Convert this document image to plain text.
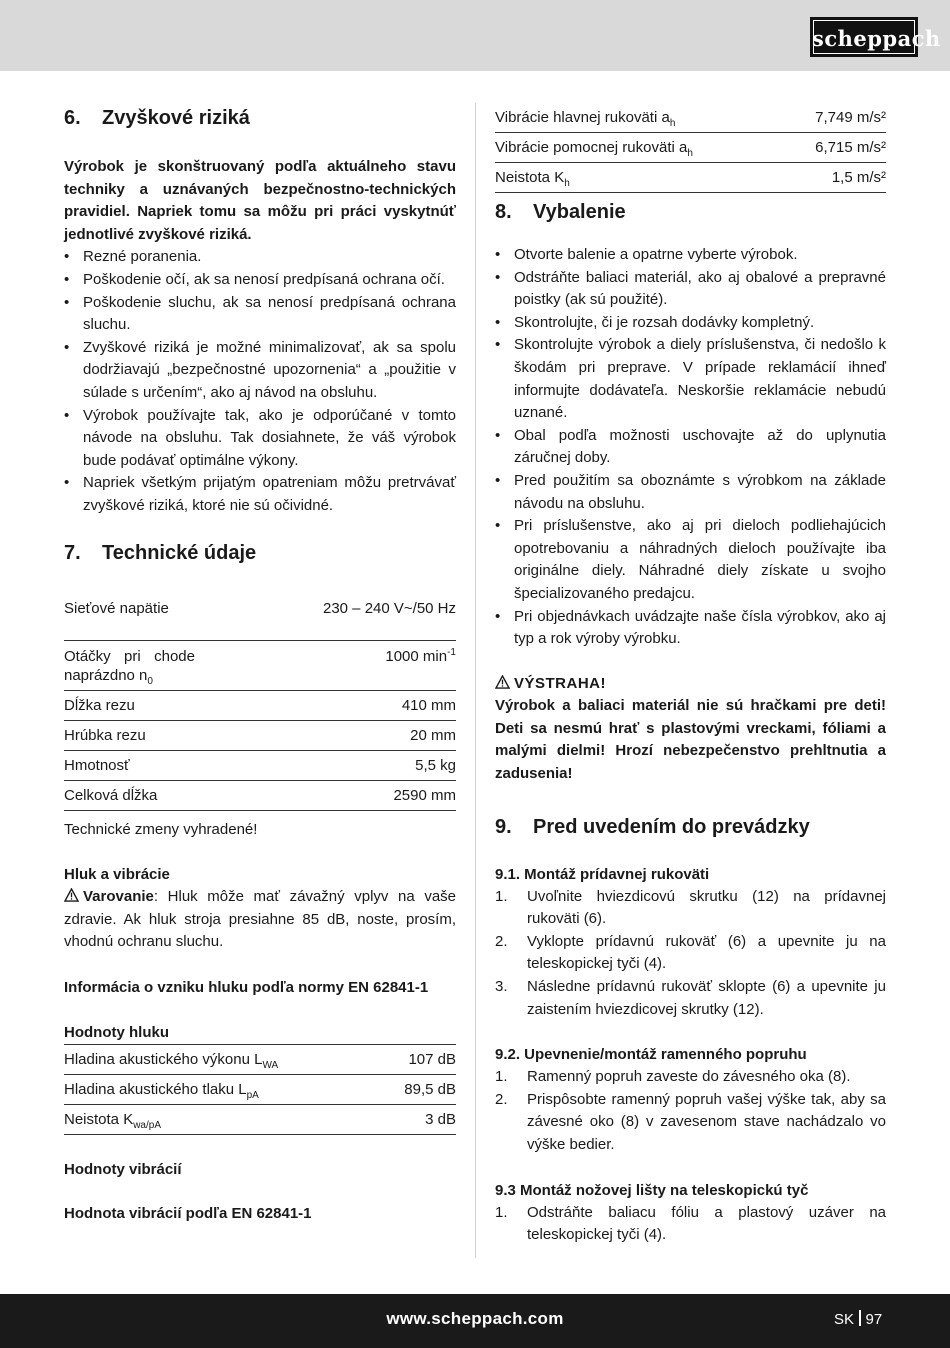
scheppach
6.	Zvyškové riziká

Výrobok je skonštruovaný podľa aktuálneho stavu techniky a uznávaných bezpečnostno-technických pravidiel. Napriek tomu sa môžu pri práci vyskytnúť jednotlivé zvyškové riziká.

• Rezné poranenia.
• Poškodenie očí, ak sa nenosí predpísaná ochrana očí.
• Poškodenie sluchu, ak sa nenosí predpísaná ochrana sluchu.
• Zvyškové riziká je možné minimalizovať, ak sa spolu dodržiavajú „bezpečnostné upozornenia“ a „použitie v súlade s určením“, ako aj návod na obsluhu.
• Výrobok používajte tak, ako je odporúčané v tomto návode na obsluhu. Tak dosiahnete, že váš výrobok bude podávať optimálne výkony.
• Napriek všetkým prijatým opatreniam môžu pretrvávať zvyškové riziká, ktoré nie sú očividné.
7.	Technické údaje
Sieťové napätie	230 – 240 V~/50 Hz
Otáčky pri chode naprázdno $n_0$	1000 $\min^{-1}$
Dĺžka rezu	410 mm
Hrúbka rezu	20 mm
Hmotnosť	5,5 kg
Celková dĺžka	2590 mm

Technické zmeny vyhradené!

Hluk a vibrácie

Varovanie: Hluk môže mať závažný vplyv na vaše zdravie. Ak hluk stroja presiahne 85 dB, noste, prosím, vhodnú ochranu sluchu.

Informácia o vzniku hluku podľa normy EN 62841-1
Hodnoty hluku
Hladina akustického výkonu $L_{WA}$	107 dB
Hladina akustického tlaku $L_{pA}$	89,5 dB
Neistota $K_{wa/pA}$	3 dB
Hodnoty vibrácií
Hodnota vibrácií podľa EN 62841-1
Vibrácie hlavnej rukoväti $a_h$	7,749 m/s²
Vibrácie pomocnej rukoväti $a_h$	6,715 m/s²
Neistota $K_h$	1,5 m/s²
8.	Vybalenie
• Otvorte balenie a opatrne vyberte výrobok.
• Odstráňte baliaci materiál, ako aj obalové a prepravné poistky (ak sú použité).
• Skontrolujte, či je rozsah dodávky kompletný.
• Skontrolujte výrobok a diely príslušenstva, či nedošlo k škodám pri preprave. V prípade reklamácií ihneď informujte dodávateľa. Neskoršie reklamácie nebudú uznané.
• Obal podľa možnosti uschovajte až do uplynutia záručnej doby.
• Pred použitím sa oboznámte s výrobkom na základe návodu na obsluhu.
• Pri príslušenstve, ako aj pri dieloch podliehajúcich opotrebovaniu a náhradných dieloch používajte iba originálne diely. Náhradné diely získate u svojho špecializovaného predajcu.
• Pri objednávkach uvádzajte naše čísla výrobkov, ako aj typ a rok výroby výrobku.

VÝSTRAHA!

Výrobok a baliaci materiál nie sú hračkami pre deti! Deti sa nesmú hrať s plastovými vreckami, fóliami a malými dielmi! Hrozí nebezpečenstvo prehltnutia a zadusenia!

9.	Pred uvedením do prevádzky
9.1. Montáž prídavnej rukoväti
1. Uvoľnite hviezdicovú skrutku (12) na prídavnej rukoväti (6).
2. Vyklopte prídavnú rukoväť (6) a upevnite ju na teleskopickej tyči (4).
3. Následne prídavnú rukoväť sklopte (6) a upevnite ju zaistením hviezdicovej skrutky (12).
9.2. Upevnenie/montáž ramenného popruhu
1. Ramenný popruh zaveste do závesného oka (8).
2. Prispôsobte ramenný popruh vašej výške tak, aby sa závesné oko (8) v zavesenom stave nachádzalo vo výške bedier.
9.3 Montáž nožovej lišty na teleskopickú tyč
1. Odstráňte baliacu fóliu a plastový uzáver na teleskopickej tyči (4).
www.scheppach.com	SK 97
